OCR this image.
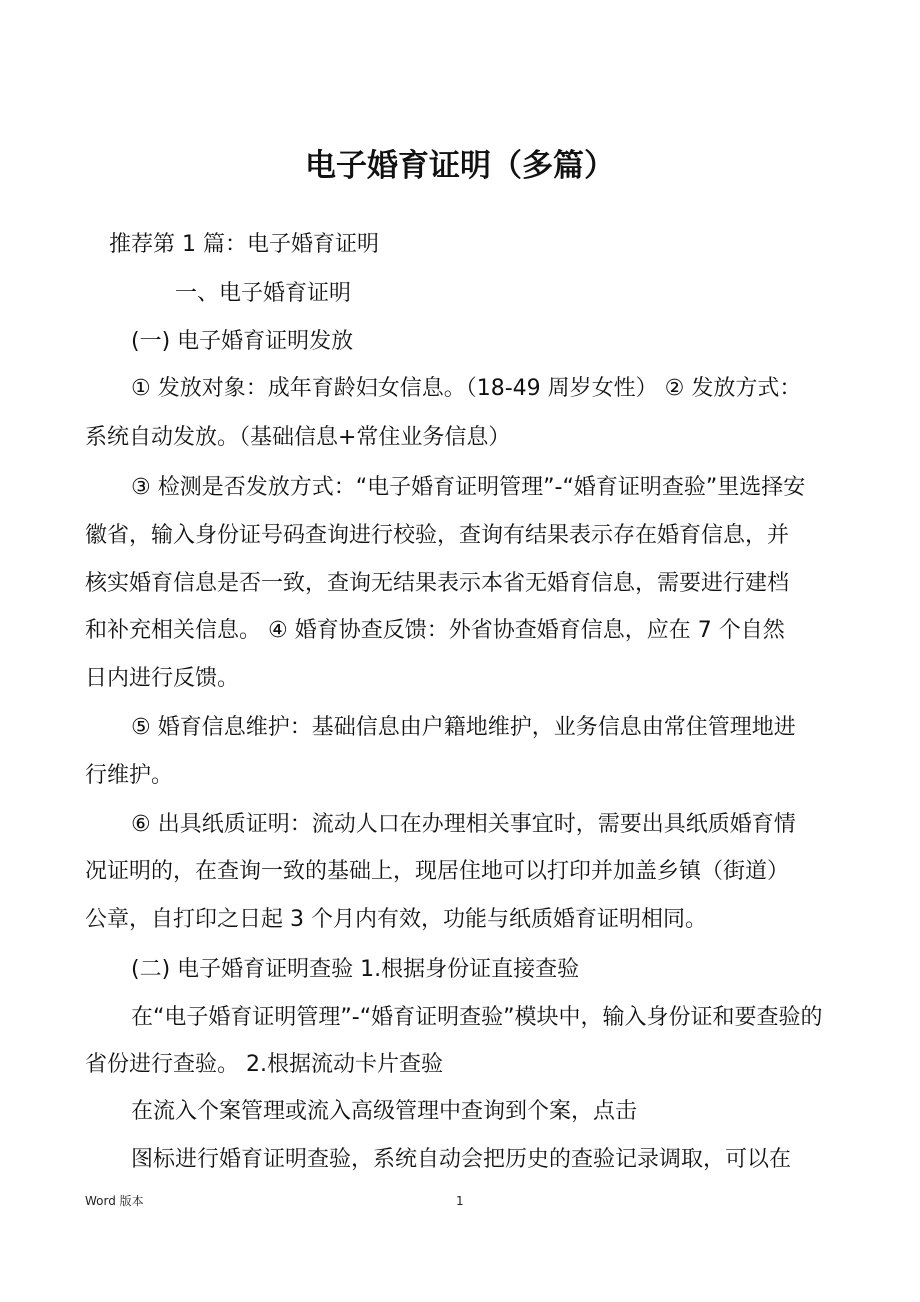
电子婚育证明（多篇）

推荐第 1 篇：电子婚育证明

一、电子婚育证明

(一) 电子婚育证明发放

① 发放对象：成年育龄妇女信息。（18-49 周岁女性） ② 发放方式：

系统自动发放。（基础信息+常住业务信息）

③ 检测是否发放方式：“电子婚育证明管理”-“婚育证明查验”里选择安

徽省，输入身份证号码查询进行校验，查询有结果表示存在婚育信息，并

核实婚育信息是否一致，查询无结果表示本省无婚育信息，需要进行建档

和补充相关信息。 ④ 婚育协查反馈：外省协查婚育信息，应在 7 个自然

日内进行反馈。

⑤ 婚育信息维护：基础信息由户籍地维护，业务信息由常住管理地进

行维护。

⑥ 出具纸质证明：流动人口在办理相关事宜时，需要出具纸质婚育情

况证明的，在查询一致的基础上，现居住地可以打印并加盖乡镇（街道）

公章，自打印之日起 3 个月内有效，功能与纸质婚育证明相同。

(二) 电子婚育证明查验 1.根据身份证直接查验

在“电子婚育证明管理”-“婚育证明查验”模块中，输入身份证和要查验的

省份进行查验。 2.根据流动卡片查验

在流入个案管理或流入高级管理中查询到个案，点击

图标进行婚育证明查验，系统自动会把历史的查验记录调取，可以在

Word 版本	1
